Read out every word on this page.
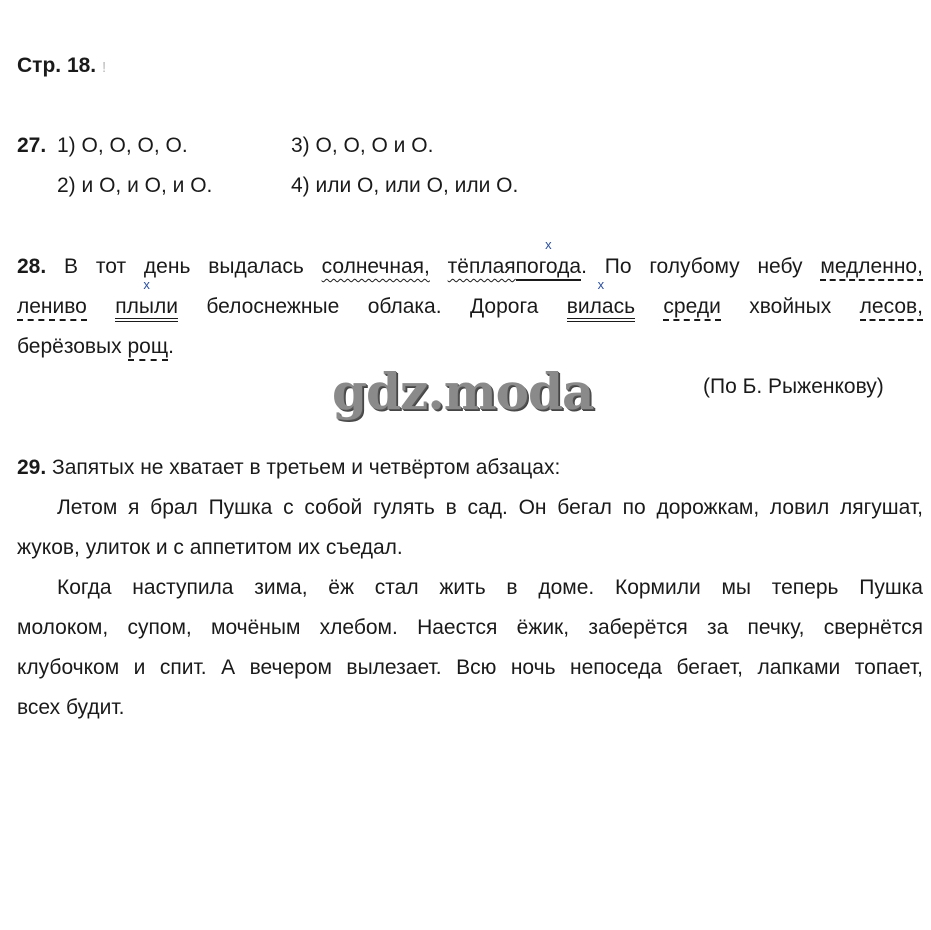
Стр. 18. !
27. 1) О, О, О, О.	3) О, О, О и О.
2) и О, и О, и О.	4) или О, или О, или О.
28. В тот день выдалась солнечная, тёплая
x
погода. По голубому небу медленно,
лениво
x
плыли белоснежные облака. Дорога
x
вилась среди хвойных лесов,
берёзовых рощ.
gdz.moda	(По Б. Рыженкову)
29. Запятых не хватает в третьем и четвёртом абзацах:
Летом я брал Пушка с собой гулять в сад. Он бегал по дорожкам, ловил лягушат,
жуков, улиток и с аппетитом их съедал.
Когда наступила зима, ёж стал жить в доме. Кормили мы теперь Пушка
молоком, супом, мочёным хлебом. Наестся ёжик, заберётся за печку, свернётся
клубочком и спит. А вечером вылезает. Всю ночь непоседа бегает, лапками топает,
всех будит.
